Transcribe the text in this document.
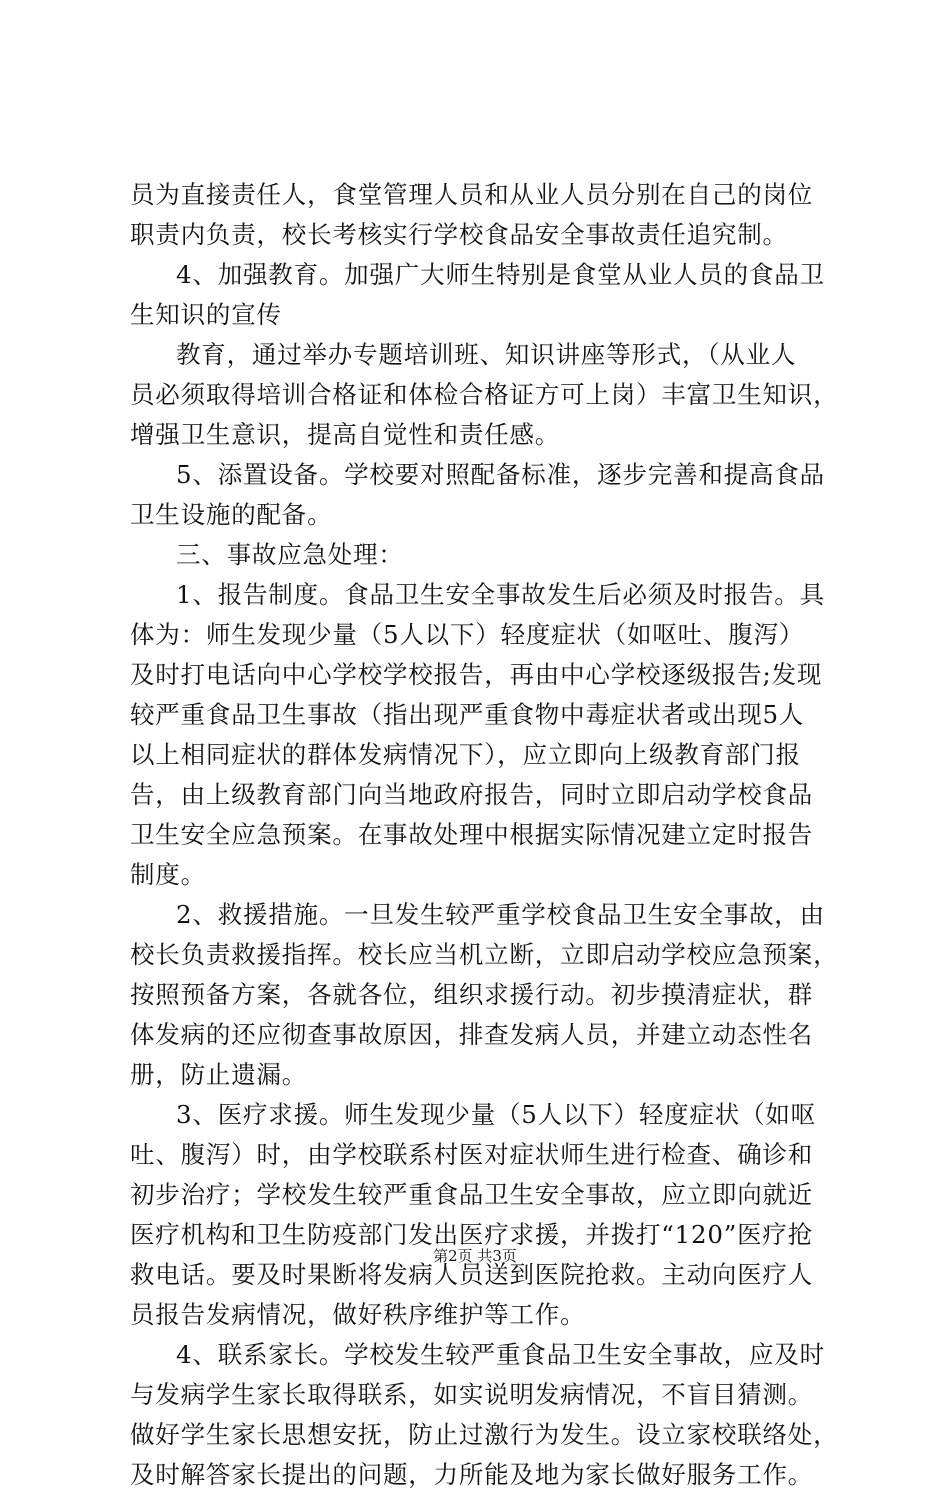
员为直接责任人，食堂管理人员和从业人员分别在自己的岗位
职责内负责，校长考核实行学校食品安全事故责任追究制。
4、加强教育。加强广大师生特别是食堂从业人员的食品卫
生知识的宣传
教育，通过举办专题培训班、知识讲座等形式，（从业人
员必须取得培训合格证和体检合格证方可上岗）丰富卫生知识，
增强卫生意识，提高自觉性和责任感。
5、添置设备。学校要对照配备标准，逐步完善和提高食品
卫生设施的配备。
三、事故应急处理：
1、报告制度。食品卫生安全事故发生后必须及时报告。具
体为：师生发现少量（5人以下）轻度症状（如呕吐、腹泻）
及时打电话向中心学校学校报告，再由中心学校逐级报告;发现
较严重食品卫生事故（指出现严重食物中毒症状者或出现5人
以上相同症状的群体发病情况下），应立即向上级教育部门报
告，由上级教育部门向当地政府报告，同时立即启动学校食品
卫生安全应急预案。在事故处理中根据实际情况建立定时报告
制度。
2、救援措施。一旦发生较严重学校食品卫生安全事故，由
校长负责救援指挥。校长应当机立断，立即启动学校应急预案，
按照预备方案，各就各位，组织求援行动。初步摸清症状，群
体发病的还应彻查事故原因，排查发病人员，并建立动态性名
册，防止遗漏。
3、医疗求援。师生发现少量（5人以下）轻度症状（如呕
吐、腹泻）时，由学校联系村医对症状师生进行检查、确诊和
初步治疗；学校发生较严重食品卫生安全事故，应立即向就近
医疗机构和卫生防疫部门发出医疗求援，并拨打“120”医疗抢
救电话。要及时果断将发病人员送到医院抢救。主动向医疗人
员报告发病情况，做好秩序维护等工作。
4、联系家长。学校发生较严重食品卫生安全事故，应及时
与发病学生家长取得联系，如实说明发病情况，不盲目猜测。
做好学生家长思想安抚，防止过激行为发生。设立家校联络处，
及时解答家长提出的问题，力所能及地为家长做好服务工作。
第2页 共3页
